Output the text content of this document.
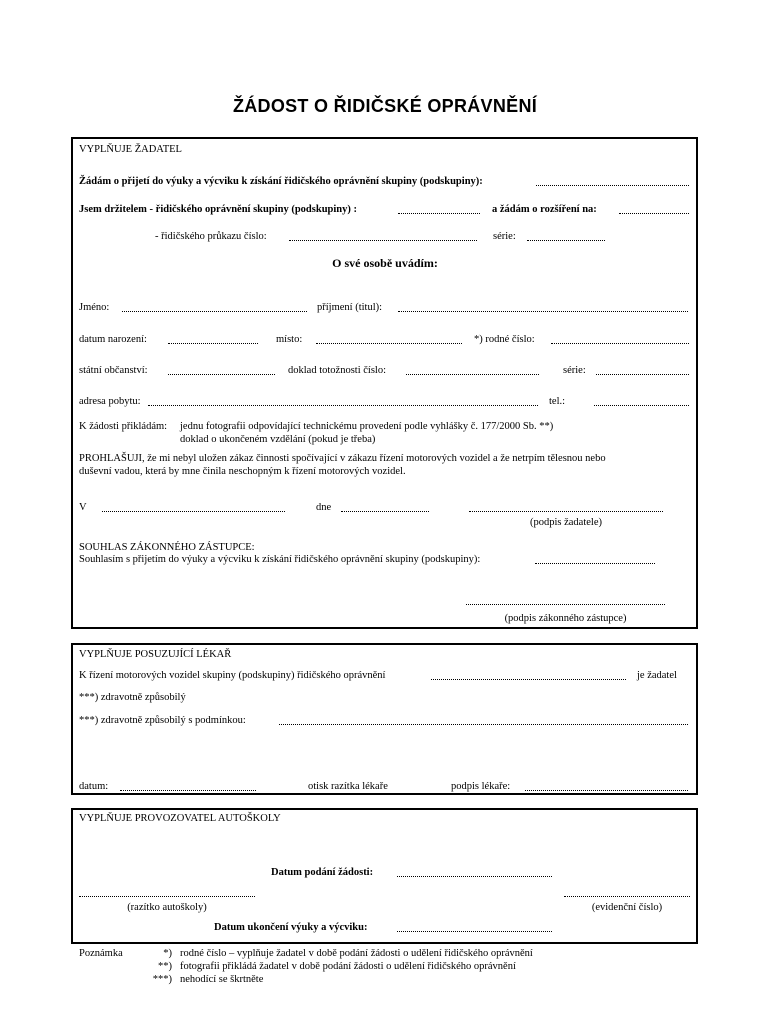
ŽÁDOST O ŘIDIČSKÉ OPRÁVNĚNÍ
VYPLŇUJE ŽADATEL
Žádám o přijetí do výuky a výcviku k získání řidičského oprávnění skupiny (podskupiny):
Jsem držitelem - řidičského oprávnění skupiny (podskupiny) :	a žádám o rozšíření na:
- řidičského průkazu číslo:	série:
O své osobě uvádím:
Jméno:	příjmení (titul):
datum narození:	místo:	*) rodné číslo:
státní občanství:	doklad totožnosti číslo:	série:
adresa pobytu:	tel.:
K žádosti přikládám: jednu fotografii odpovídající technickému provedení podle vyhlášky č. 177/2000 Sb. **)
doklad o ukončeném vzdělání (pokud je třeba)
PROHLAŠUJI, že mi nebyl uložen zákaz činnosti spočívající v zákazu řízení motorových vozidel a že netrpím tělesnou nebo
duševní vadou, která by mne činila neschopným k řízení motorových vozidel.
V	dne
(podpis žadatele)
SOUHLAS ZÁKONNÉHO ZÁSTUPCE:
Souhlasím s přijetím do výuky a výcviku k získání řidičského oprávnění skupiny (podskupiny):
(podpis zákonného zástupce)
VYPLŇUJE POSUZUJÍCÍ LÉKAŘ
K řízení motorových vozidel skupiny (podskupiny) řidičského oprávnění	je žadatel
***) zdravotně způsobilý
***) zdravotně způsobilý s podmínkou:
datum:	otisk razítka lékaře	podpis lékaře:
VYPLŇUJE PROVOZOVATEL AUTOŠKOLY
Datum podání žádosti:
(razítko autoškoly)	(evidenční číslo)
Datum ukončení výuky a výcviku:
Poznámka	*) rodné číslo – vyplňuje žadatel v době podání žádosti o udělení řidičského oprávnění
**) fotografii přikládá žadatel v době podání žádosti o udělení řidičského oprávnění
***) nehodící se škrtněte
